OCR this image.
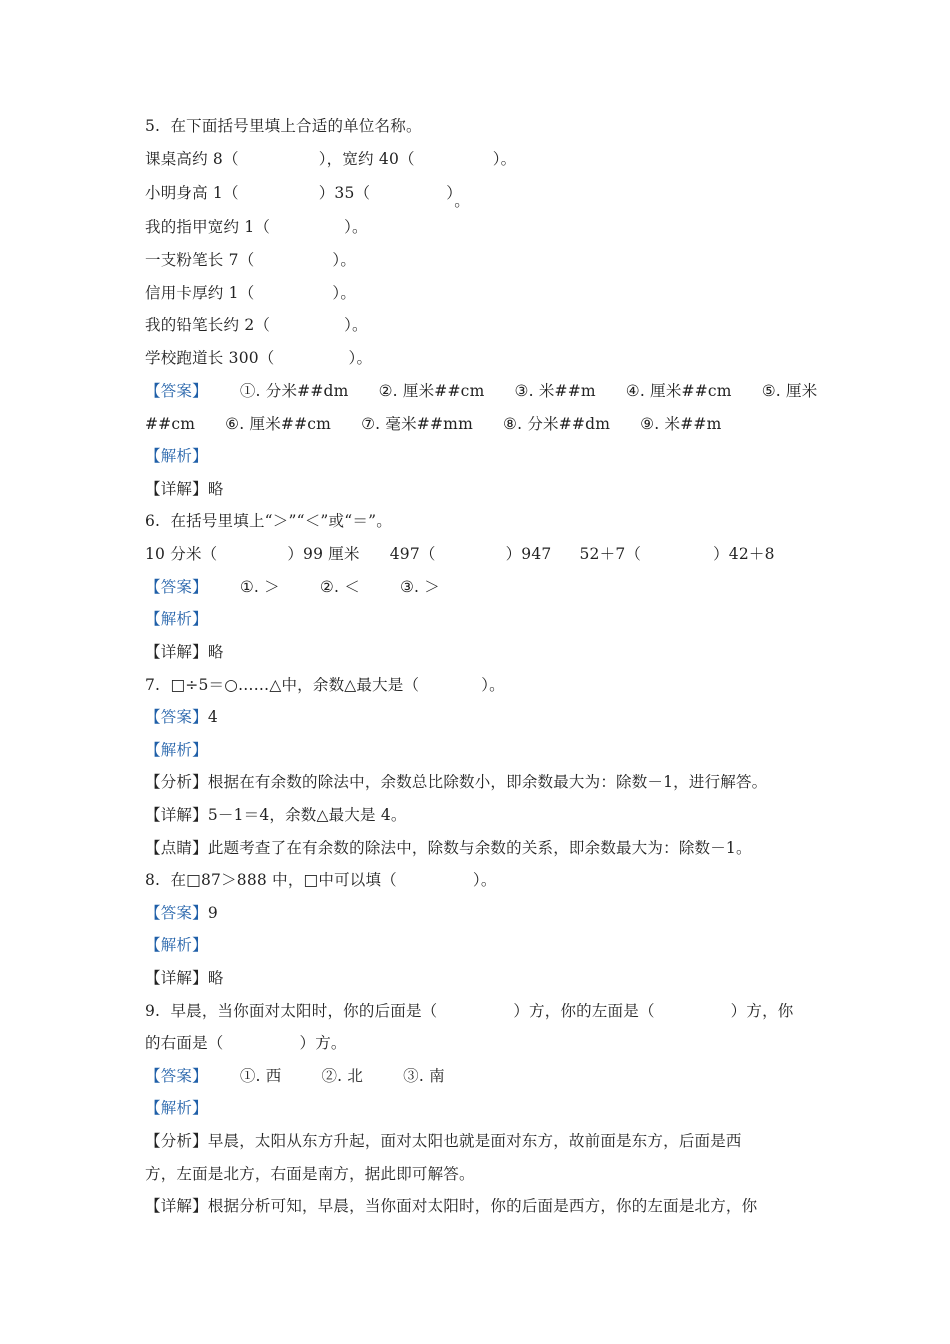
5.  在下面括号里填上合适的单位名称。
课桌高约 8（	），宽约 40（	）。
小明身高 1（	）35（	）。
我的指甲宽约 1（	）。
一支粉笔长 7（	）。
信用卡厚约 1（	）。
我的铅笔长约 2（	）。
学校跑道长 300（	）。
【答案】 ①. 分米##dm ②. 厘米##cm ③. 米##m ④. 厘米##cm ⑤. 厘米
##cm ⑥. 厘米##cm ⑦. 毫米##mm ⑧. 分米##dm ⑨. 米##m
【解析】
【详解】略
6.  在括号里填上“＞”“＜”或“＝”。
10 分米（	）99 厘米 497（	）947 52＋7（	）42＋8
【答案】 ①. ＞	②. ＜	③. ＞
【解析】
【详解】略
7.  □÷5＝○……△中，余数△最大是（	）。
【答案】4
【解析】
【分析】根据在有余数的除法中，余数总比除数小，即余数最大为：除数－1，进行解答。
【详解】5－1＝4，余数△最大是 4。
【点睛】此题考查了在有余数的除法中，除数与余数的关系，即余数最大为：除数－1。
8.  在□87＞888 中，□中可以填（	）。
【答案】9
【解析】
【详解】略
9.  早晨，当你面对太阳时，你的后面是（	）方，你的左面是（	）方，你
的右面是（	）方。
【答案】 ①. 西	②. 北	③. 南
【解析】
【分析】早晨，太阳从东方升起，面对太阳也就是面对东方，故前面是东方，后面是西
方，左面是北方，右面是南方，据此即可解答。
【详解】根据分析可知，早晨，当你面对太阳时，你的后面是西方，你的左面是北方，你
